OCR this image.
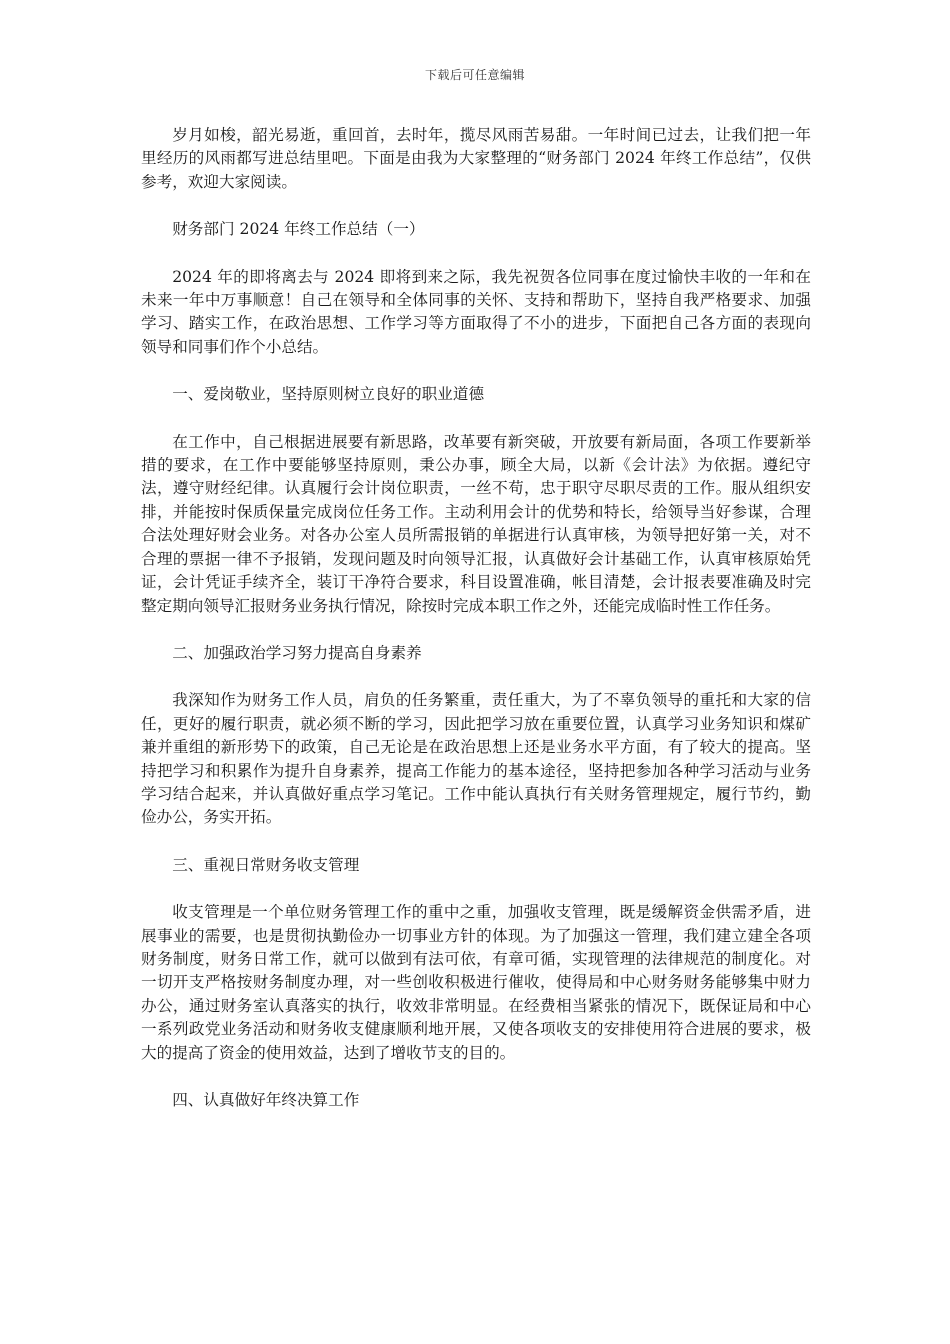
下载后可任意编辑

岁月如梭，韶光易逝，重回首，去时年，揽尽风雨苦易甜。一年时间已过去，让我们把一年里经历的风雨都写进总结里吧。下面是由我为大家整理的“财务部门 2024 年终工作总结”，仅供参考，欢迎大家阅读。

财务部门 2024 年终工作总结（一）

2024 年的即将离去与 2024 即将到来之际，我先祝贺各位同事在度过愉快丰收的一年和在未来一年中万事顺意！自己在领导和全体同事的关怀、支持和帮助下，坚持自我严格要求、加强学习、踏实工作，在政治思想、工作学习等方面取得了不小的进步，下面把自己各方面的表现向领导和同事们作个小总结。

一、爱岗敬业，坚持原则树立良好的职业道德

在工作中，自己根据进展要有新思路，改革要有新突破，开放要有新局面，各项工作要新举措的要求，在工作中要能够坚持原则，秉公办事，顾全大局，以新《会计法》为依据。遵纪守法，遵守财经纪律。认真履行会计岗位职责，一丝不苟，忠于职守尽职尽责的工作。服从组织安排，并能按时保质保量完成岗位任务工作。主动利用会计的优势和特长，给领导当好参谋，合理合法处理好财会业务。对各办公室人员所需报销的单据进行认真审核，为领导把好第一关，对不合理的票据一律不予报销，发现问题及时向领导汇报，认真做好会计基础工作，认真审核原始凭证，会计凭证手续齐全，装订干净符合要求，科目设置准确，帐目清楚，会计报表要准确及时完整定期向领导汇报财务业务执行情况，除按时完成本职工作之外，还能完成临时性工作任务。

二、加强政治学习努力提高自身素养

我深知作为财务工作人员，肩负的任务繁重，责任重大，为了不辜负领导的重托和大家的信任，更好的履行职责，就必须不断的学习，因此把学习放在重要位置，认真学习业务知识和煤矿兼并重组的新形势下的政策，自己无论是在政治思想上还是业务水平方面，有了较大的提高。坚持把学习和积累作为提升自身素养，提高工作能力的基本途径，坚持把参加各种学习活动与业务学习结合起来，并认真做好重点学习笔记。工作中能认真执行有关财务管理规定，履行节约，勤俭办公，务实开拓。

三、重视日常财务收支管理

收支管理是一个单位财务管理工作的重中之重，加强收支管理，既是缓解资金供需矛盾，进展事业的需要，也是贯彻执勤俭办一切事业方针的体现。为了加强这一管理，我们建立建全各项财务制度，财务日常工作，就可以做到有法可依，有章可循，实现管理的法律规范的制度化。对一切开支严格按财务制度办理，对一些创收积极进行催收，使得局和中心财务财务能够集中财力办公，通过财务室认真落实的执行，收效非常明显。在经费相当紧张的情况下，既保证局和中心一系列政党业务活动和财务收支健康顺利地开展，又使各项收支的安排使用符合进展的要求，极大的提高了资金的使用效益，达到了增收节支的目的。

四、认真做好年终决算工作
